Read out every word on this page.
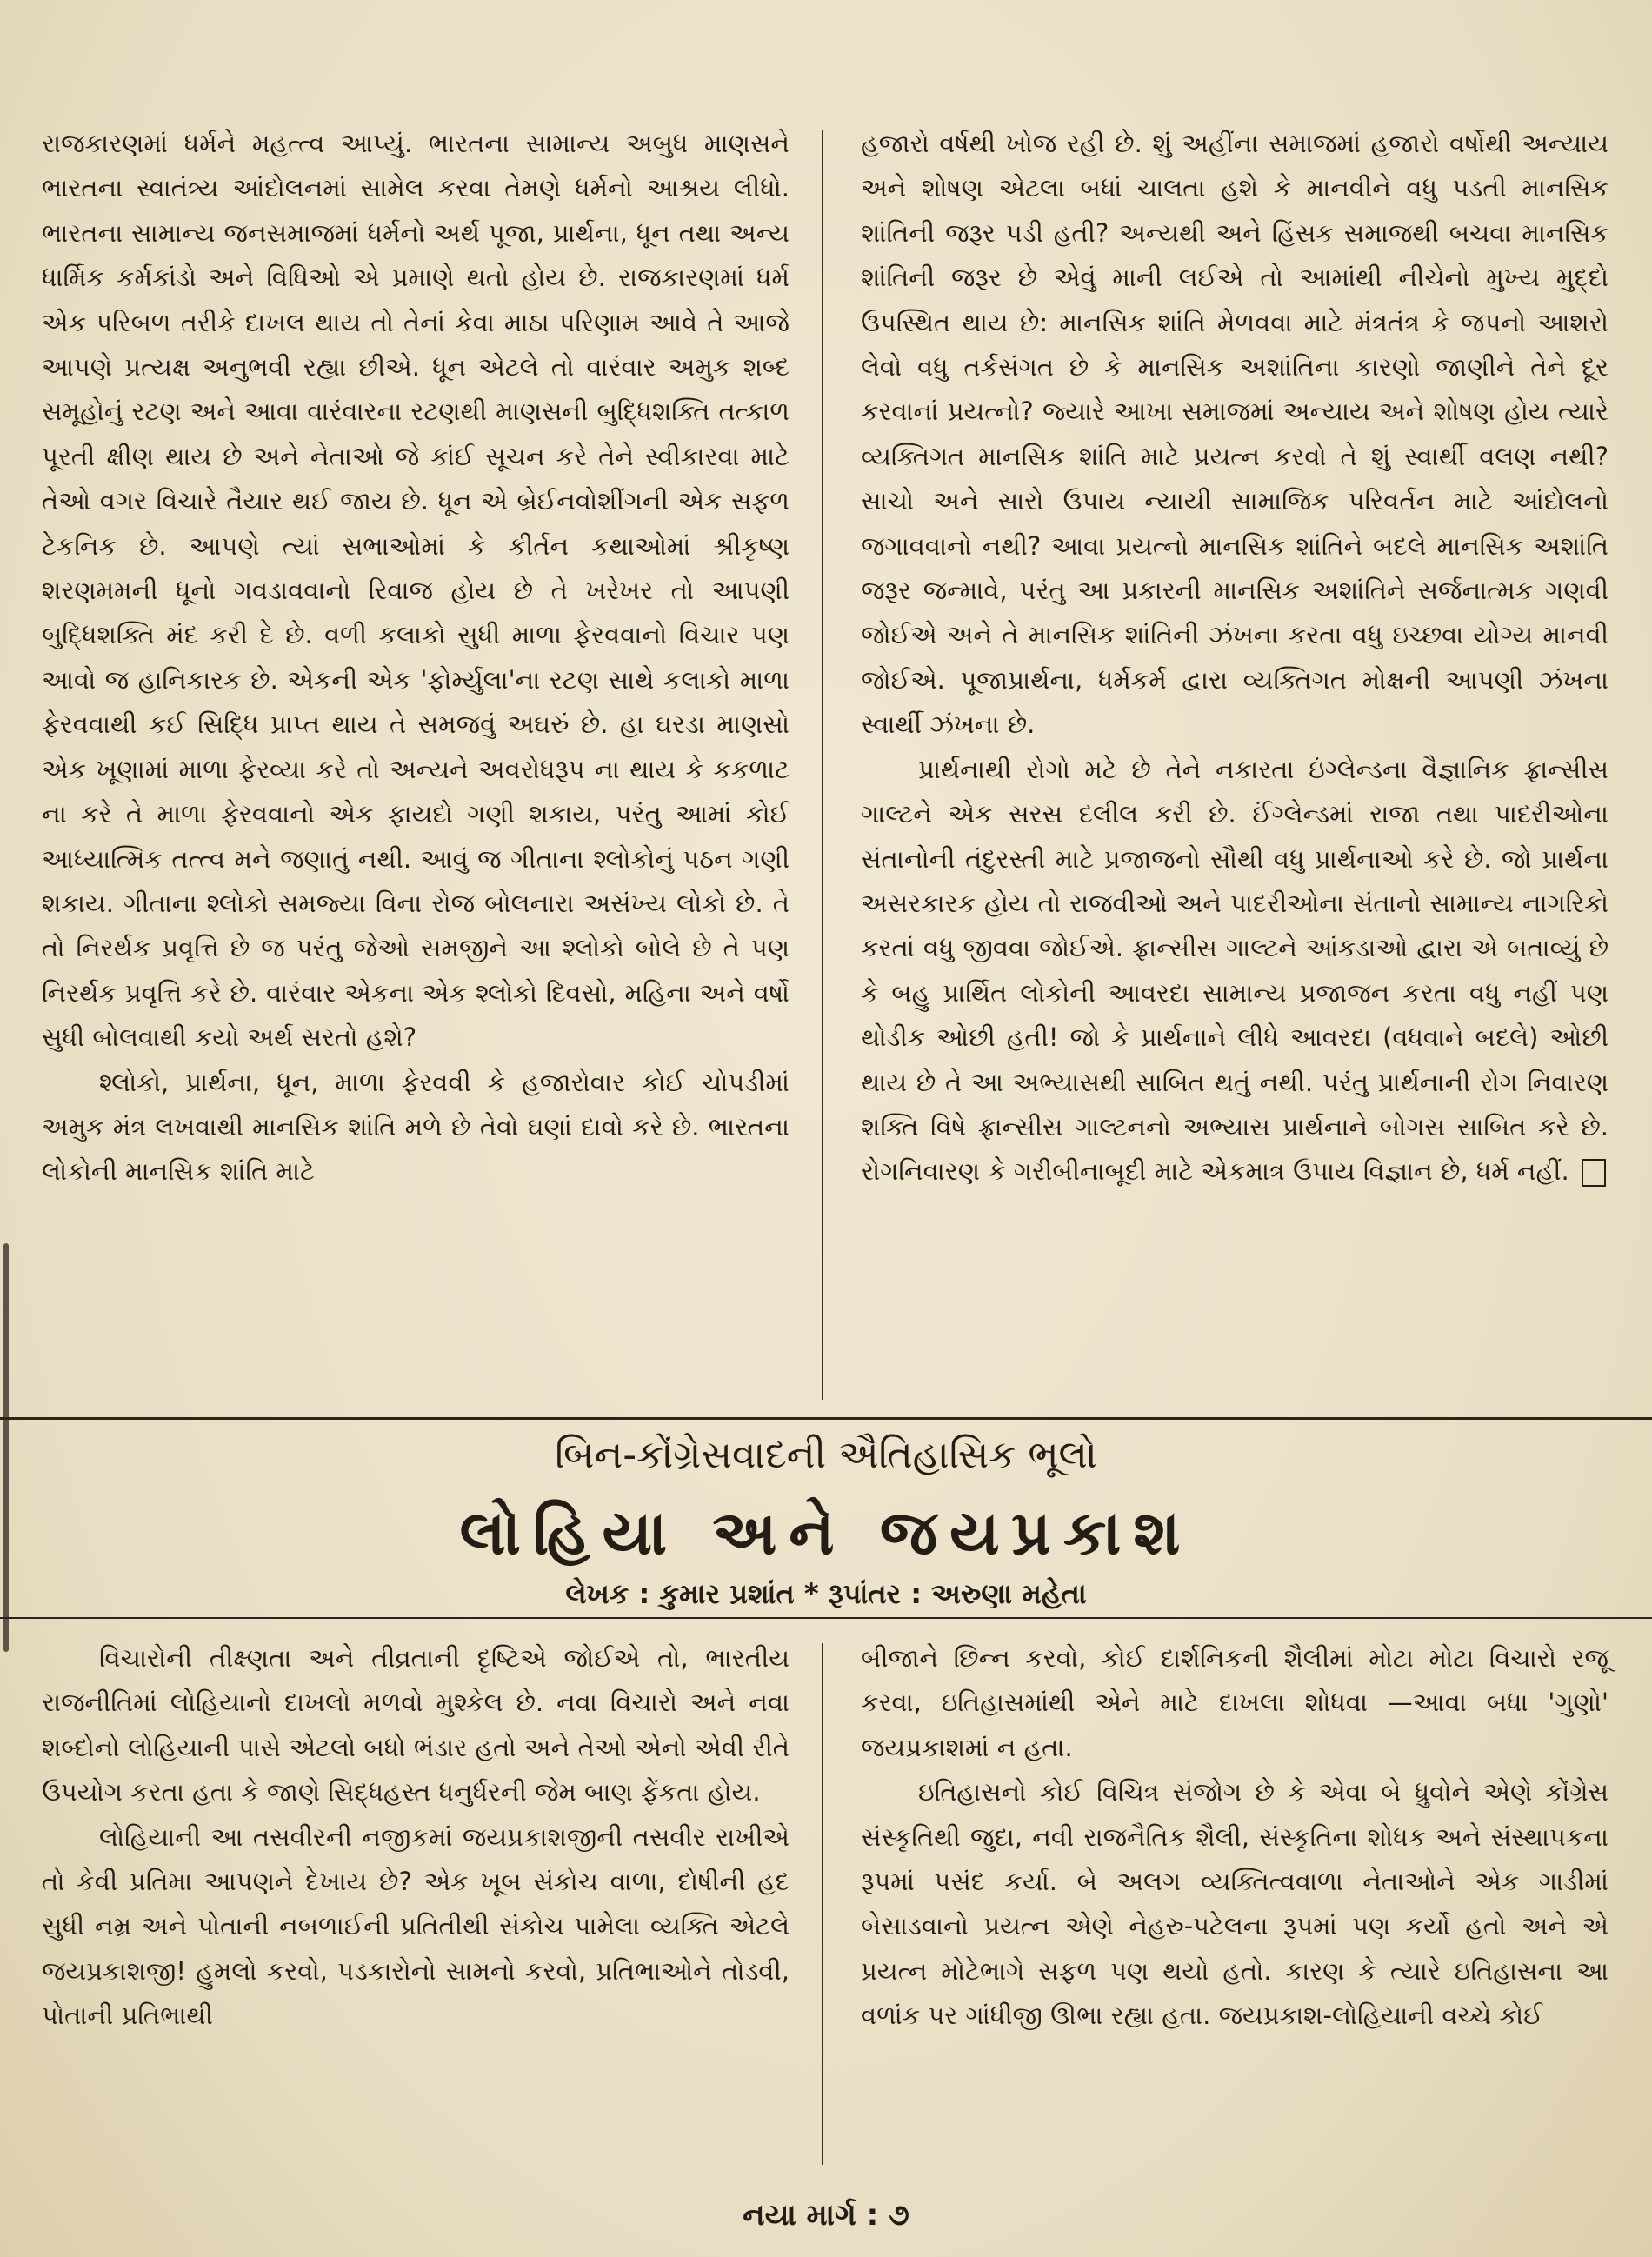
રાજકારણમાં ધર્મને મહત્ત્વ આપ્યું. ભારતના સામાન્ય અબુધ માણસને ભારતના સ્વાતંત્ર્ય આંદોલનમાં સામેલ કરવા તેમણે ધર્મનો આશ્રય લીધો. ભારતના સામાન્ય જનસમાજમાં ધર્મનો અર્થ પૂજા, પ્રાર્થના, ધૂન તથા અન્ય ધાર્મિક કર્મકાંડો અને વિધિઓ એ પ્રમાણે થતો હોય છે. રાજકારણમાં ધર્મ એક પરિબળ તરીકે દાખલ થાય તો તેનાં કેવા માઠા પરિણામ આવે તે આજે આપણે પ્રત્યક્ષ અનુભવી રહ્યા છીએ. ધૂન એટલે તો વારંવાર અમુક શબ્દ સમૂહોનું રટણ અને આવા વારંવારના રટણથી માણસની બુદ્ધિશક્તિ તત્કાળ પૂરતી ક્ષીણ થાય છે અને નેતાઓ જે કાંઈ સૂચન કરે તેને સ્વીકારવા માટે તેઓ વગર વિચારે તૈયાર થઈ જાય છે. ધૂન એ બ્રેઈનવોશીંગની એક સફળ ટેકનિક છે. આપણે ત્યાં સભાઓમાં કે કીર્તન કથાઓમાં શ્રીકૃષ્ણ શરણમમની ધૂનો ગવડાવવાનો રિવાજ હોય છે તે ખરેખર તો આપણી બુદ્ધિશક્તિ મંદ કરી દે છે. વળી કલાકો સુધી માળા ફેરવવાનો વિચાર પણ આવો જ હાનિકારક છે. એકની એક 'ફોર્મ્યુલા'ના રટણ સાથે કલાકો માળા ફેરવવાથી કઈ સિદ્ધિ પ્રાપ્ત થાય તે સમજવું અઘરું છે. હા ઘરડા માણસો એક ખૂણામાં માળા ફેરવ્યા કરે તો અન્યને અવરોધરૂપ ના થાય કે કકળાટ ના કરે તે માળા ફેરવવાનો એક ફાયદો ગણી શકાય, પરંતુ આમાં કોઈ આધ્યાત્મિક તત્ત્વ મને જણાતું નથી. આવું જ ગીતાના શ્લોકોનું પઠન ગણી શકાય. ગીતાના શ્લોકો સમજ્યા વિના રોજ બોલનારા અસંખ્ય લોકો છે. તે તો નિરર્થક પ્રવૃત્તિ છે જ પરંતુ જેઓ સમજીને આ શ્લોકો બોલે છે તે પણ નિરર્થક પ્રવૃત્તિ કરે છે. વારંવાર એકના એક શ્લોકો દિવસો, મહિના અને વર્ષો સુધી બોલવાથી કયો અર્થ સરતો હશે?

શ્લોકો, પ્રાર્થના, ધૂન, માળા ફેરવવી કે હજારોવાર કોઈ ચોપડીમાં અમુક મંત્ર લખવાથી માનસિક શાંતિ મળે છે તેવો ઘણાં દાવો કરે છે. ભારતના લોકોની માનસિક શાંતિ માટે

હજારો વર્ષથી ખોજ રહી છે. શું અહીંના સમાજમાં હજારો વર્ષોથી અન્યાય અને શોષણ એટલા બધાં ચાલતા હશે કે માનવીને વધુ પડતી માનસિક શાંતિની જરૂર પડી હતી? અન્યથી અને હિંસક સમાજથી બચવા માનસિક શાંતિની જરૂર છે એવું માની લઈએ તો આમાંથી નીચેનો મુખ્ય મુદ્દો ઉપસ્થિત થાય છે: માનસિક શાંતિ મેળવવા માટે મંત્રતંત્ર કે જપનો આશરો લેવો વધુ તર્કસંગત છે કે માનસિક અશાંતિના કારણો જાણીને તેને દૂર કરવાનાં પ્રયત્નો? જ્યારે આખા સમાજમાં અન્યાય અને શોષણ હોય ત્યારે વ્યક્તિગત માનસિક શાંતિ માટે પ્રયત્ન કરવો તે શું સ્વાર્થી વલણ નથી? સાચો અને સારો ઉપાય ન્યાયી સામાજિક પરિવર્તન માટે આંદોલનો જગાવવાનો નથી? આવા પ્રયત્નો માનસિક શાંતિને બદલે માનસિક અશાંતિ જરૂર જન્માવે, પરંતુ આ પ્રકારની માનસિક અશાંતિને સર્જનાત્મક ગણવી જોઈએ અને તે માનસિક શાંતિની ઝંખના કરતા વધુ ઇચ્છવા યોગ્ય માનવી જોઈએ. પૂજાપ્રાર્થના, ધર્મકર્મ દ્વારા વ્યક્તિગત મોક્ષની આપણી ઝંખના સ્વાર્થી ઝંખના છે.

પ્રાર્થનાથી રોગો મટે છે તેને નકારતા ઇંગ્લેન્ડના વૈજ્ઞાનિક ફ્રાન્સીસ ગાલ્ટને એક સરસ દલીલ કરી છે. ઈંગ્લેન્ડમાં રાજા તથા પાદરીઓના સંતાનોની તંદુરસ્તી માટે પ્રજાજનો સૌથી વધુ પ્રાર્થનાઓ કરે છે. જો પ્રાર્થના અસરકારક હોય તો રાજવીઓ અને પાદરીઓના સંતાનો સામાન્ય નાગરિકો કરતાં વધુ જીવવા જોઈએ. ફ્રાન્સીસ ગાલ્ટને આંકડાઓ દ્વારા એ બતાવ્યું છે કે બહુ પ્રાર્થિત લોકોની આવરદા સામાન્ય પ્રજાજન કરતા વધુ નહીં પણ થોડીક ઓછી હતી! જો કે પ્રાર્થનાને લીધે આવરદા (વધવાને બદલે) ઓછી થાય છે તે આ અભ્યાસથી સાબિત થતું નથી. પરંતુ પ્રાર્થનાની રોગ નિવારણ શક્તિ વિષે ફ્રાન્સીસ ગાલ્ટનનો અભ્યાસ પ્રાર્થનાને બોગસ સાબિત કરે છે. રોગનિવારણ કે ગરીબીનાબૂદી માટે એકમાત્ર ઉપાય વિજ્ઞાન છે, ધર્મ નહીં.

બિન-કોંગ્રેસવાદની ઐતિહાસિક ભૂલો
લોહિયા અને જયપ્રકાશ
લેખક : કુમાર પ્રશાંત * રૂપાંતર : અરુણા મહેતા

વિચારોની તીક્ષ્ણતા અને તીવ્રતાની દૃષ્ટિએ જોઈએ તો, ભારતીય રાજનીતિમાં લોહિયાનો દાખલો મળવો મુશ્કેલ છે. નવા વિચારો અને નવા શબ્દોનો લોહિયાની પાસે એટલો બધો ભંડાર હતો અને તેઓ એનો એવી રીતે ઉપયોગ કરતા હતા કે જાણે સિદ્ધહસ્ત ધનુર્ધરની જેમ બાણ ફેંકતા હોય.

લોહિયાની આ તસવીરની નજીકમાં જયપ્રકાશજીની તસવીર રાખીએ તો કેવી પ્રતિમા આપણને દેખાય છે? એક ખૂબ સંકોચ વાળા, દોષીની હદ સુધી નમ્ર અને પોતાની નબળાઈની પ્રતિતીથી સંકોચ પામેલા વ્યક્તિ એટલે જયપ્રકાશજી! હુમલો કરવો, પડકારોનો સામનો કરવો, પ્રતિભાઓને તોડવી, પોતાની પ્રતિભાથી

બીજાને છિન્ન કરવો, કોઈ દાર્શનિકની શૈલીમાં મોટા મોટા વિચારો રજૂ કરવા, ઇતિહાસમાંથી એને માટે દાખલા શોધવા —આવા બધા 'ગુણો' જયપ્રકાશમાં ન હતા.

ઇતિહાસનો કોઈ વિચિત્ર સંજોગ છે કે એવા બે ધ્રુવોને એણે કોંગ્રેસ સંસ્કૃતિથી જુદા, નવી રાજનૈતિક શૈલી, સંસ્કૃતિના શોધક અને સંસ્થાપકના રૂપમાં પસંદ કર્યા. બે અલગ વ્યક્તિત્વવાળા નેતાઓને એક ગાડીમાં બેસાડવાનો પ્રયત્ન એણે નેહરુ-પટેલના રૂપમાં પણ કર્યો હતો અને એ પ્રયત્ન મોટેભાગે સફળ પણ થયો હતો. કારણ કે ત્યારે ઇતિહાસના આ વળાંક પર ગાંધીજી ઊભા રહ્યા હતા. જયપ્રકાશ-લોહિયાની વચ્ચે કોઈ

નયા માર્ગ : ૭
